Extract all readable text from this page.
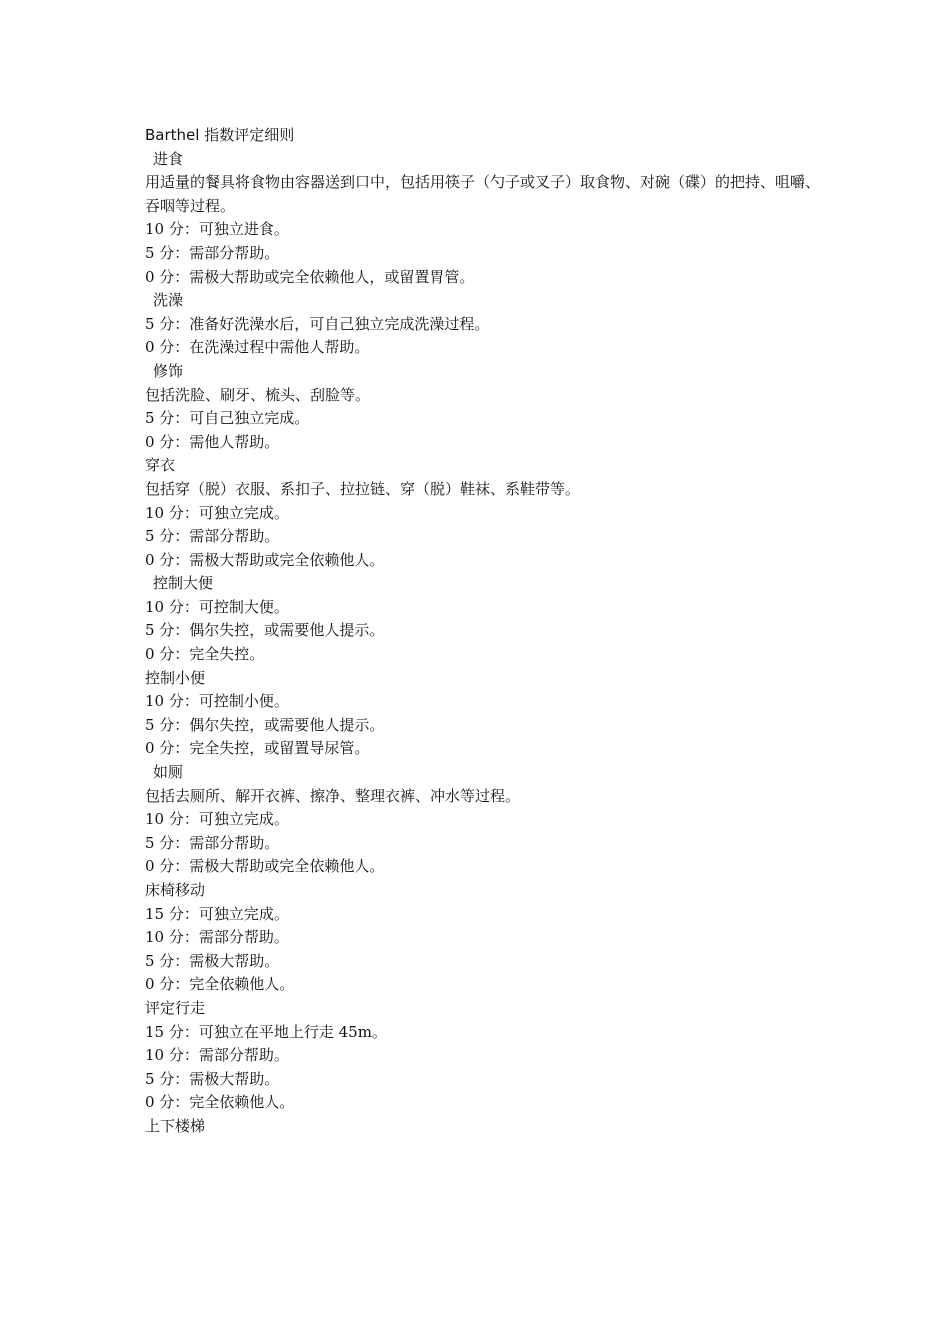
Barthel 指数评定细则
进食
用适量的餐具将食物由容器送到口中，包括用筷子（勺子或叉子）取食物、对碗（碟）的把持、咀嚼、吞咽等过程。
10 分：可独立进食。
5 分：需部分帮助。
0 分：需极大帮助或完全依赖他人，或留置胃管。
洗澡
5 分：准备好洗澡水后，可自己独立完成洗澡过程。
0 分：在洗澡过程中需他人帮助。
修饰
包括洗脸、刷牙、梳头、刮脸等。
5 分：可自己独立完成。
0 分：需他人帮助。
穿衣
包括穿（脱）衣服、系扣子、拉拉链、穿（脱）鞋袜、系鞋带等。
10 分：可独立完成。
5 分：需部分帮助。
0 分：需极大帮助或完全依赖他人。
控制大便
10 分：可控制大便。
5 分：偶尔失控，或需要他人提示。
0 分：完全失控。
控制小便
10 分：可控制小便。
5 分：偶尔失控，或需要他人提示。
0 分：完全失控，或留置导尿管。
如厕
包括去厕所、解开衣裤、擦净、整理衣裤、冲水等过程。
10 分：可独立完成。
5 分：需部分帮助。
0 分：需极大帮助或完全依赖他人。
床椅移动
15 分：可独立完成。
10 分：需部分帮助。
5 分：需极大帮助。
0 分：完全依赖他人。
评定行走
15 分：可独立在平地上行走 45m。
10 分：需部分帮助。
5 分：需极大帮助。
0 分：完全依赖他人。
上下楼梯
